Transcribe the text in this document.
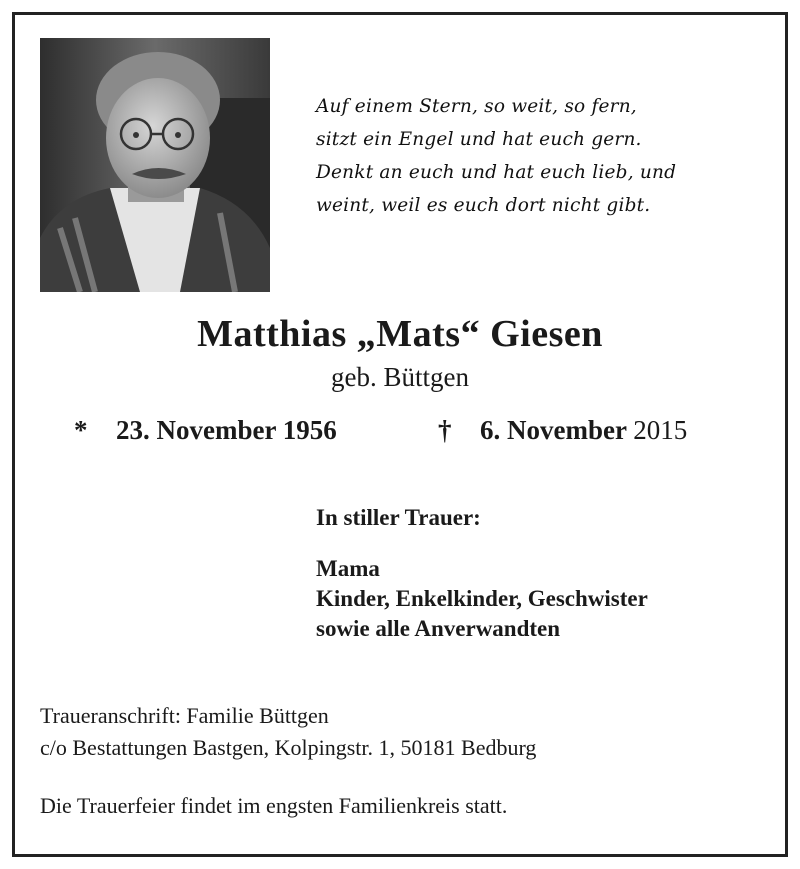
Auf einem Stern, so weit, so fern,
sitzt ein Engel und hat euch gern.
Denkt an euch und hat euch lieb, und
weint, weil es euch dort nicht gibt.
Matthias „Mats“ Giesen
geb. Büttgen
* 23. November 1956	† 6. November 2015
In stiller Trauer:
Mama
Kinder, Enkelkinder, Geschwister
sowie alle Anverwandten
Traueranschrift: Familie Büttgen
c/o Bestattungen Bastgen, Kolpingstr. 1, 50181 Bedburg
Die Trauerfeier findet im engsten Familienkreis statt.
